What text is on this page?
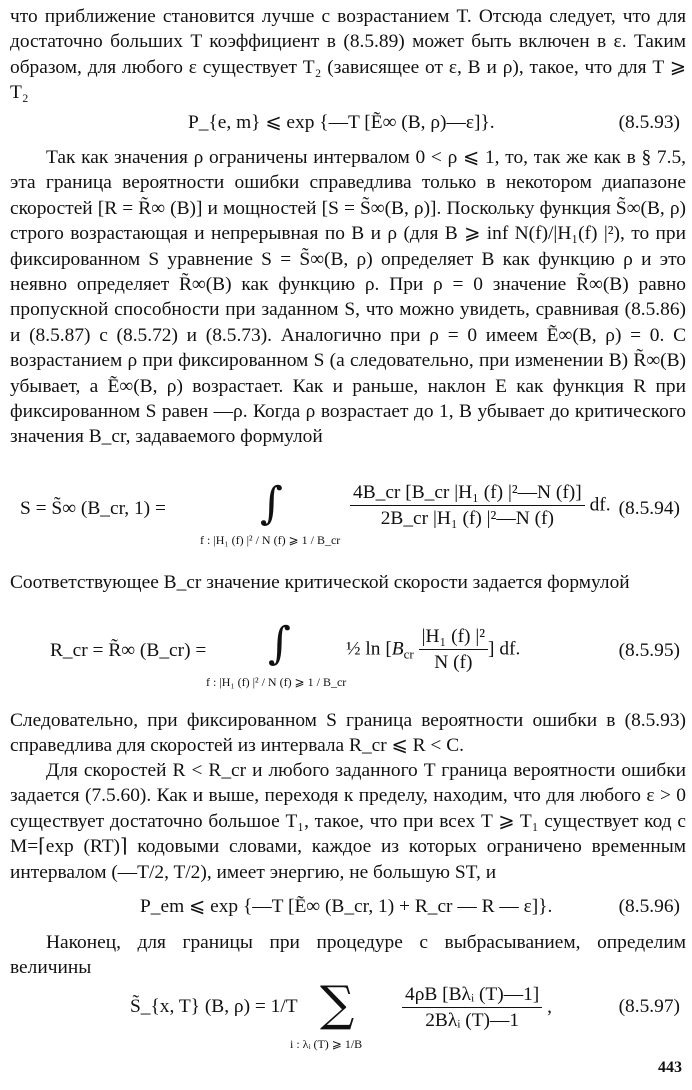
что приближение становится лучше с возрастанием T. Отсюда следует, что для достаточно больших T коэффициент в (8.5.89) может быть включен в ε. Таким образом, для любого ε существует T₂ (зависящее от ε, B и ρ), такое, что для T ⩾ T₂

P_{e, m} ⩽ exp {—T [Ẽ∞ (B, ρ)—ε]}.	(8.5.93)

Так как значения ρ ограничены интервалом 0 < ρ ⩽ 1, то, так же как в § 7.5, эта граница вероятности ошибки справедлива только в некотором диапазоне скоростей [R = R̃∞ (B)] и мощностей [S = S̃∞(B, ρ)]. Поскольку функция S̃∞(B, ρ) строго возрастающая и непрерывная по B и ρ (для B ⩾ inf N(f)/|H₁(f) |²), то при фиксированном S уравнение S = S̃∞(B, ρ) определяет B как функцию ρ и это неявно определяет R̃∞(B) как функцию ρ. При ρ = 0 значение R̃∞(B) равно пропускной способности при заданном S, что можно увидеть, сравнивая (8.5.86) и (8.5.87) с (8.5.72) и (8.5.73). Аналогично при ρ = 0 имеем Ẽ∞(B, ρ) = 0. С возрастанием ρ при фиксированном S (а следовательно, при изменении B) R̃∞(B) убывает, а Ẽ∞(B, ρ) возрастает. Как и раньше, наклон E как функция R при фиксированном S равен —ρ. Когда ρ возрастает до 1, B убывает до критического значения B_cr, задаваемого формулой

S = S̃∞ (B_cr, 1) = ∫
f : |H₁ (f) |² / N (f) ⩾ 1 / B_cr
$\frac{\text{4B\_cr [B\_cr |H₁ (f) |²—N (f)]}}{\text{2B\_cr |H₁ (f) |²—N (f)}}$ df. (8.5.94)

Соответствующее B_cr значение критической скорости задается формулой

R_cr = R̃∞ (B_cr) = ∫
f : |H₁ (f) |² / N (f) ⩾ 1 / B_cr
½ $\ln [B_{cr} \frac{\text{|H₁ (f) |²}}{N (f)}$ ] df.	(8.5.95)

Следовательно, при фиксированном S граница вероятности ошибки в (8.5.93) справедлива для скоростей из интервала R_cr ⩽ R < C.

Для скоростей R < R_cr и любого заданного T граница вероятности ошибки задается (7.5.60). Как и выше, переходя к пределу, находим, что для любого ε > 0 существует достаточно большое T₁, такое, что при всех T ⩾ T₁ существует код с M=⌈exp (RT)⌉ кодовыми словами, каждое из которых ограничено временным интервалом (—T/2, T/2), имеет энергию, не большую ST, и

P_em ⩽ exp {—T [Ẽ∞ (B_cr, 1) + R_cr — R — ε]}.	(8.5.96)

Наконец, для границы при процедуре с выбрасыванием, определим величины

S̃_{x, T} (B, ρ) = 1/T ∑
i : λᵢ (T) ⩾ 1/B
$\frac{\text{4ρB [Bλᵢ (T)—1]}}{\text{2Bλᵢ (T)—1}}$ ,	(8.5.97)
443
